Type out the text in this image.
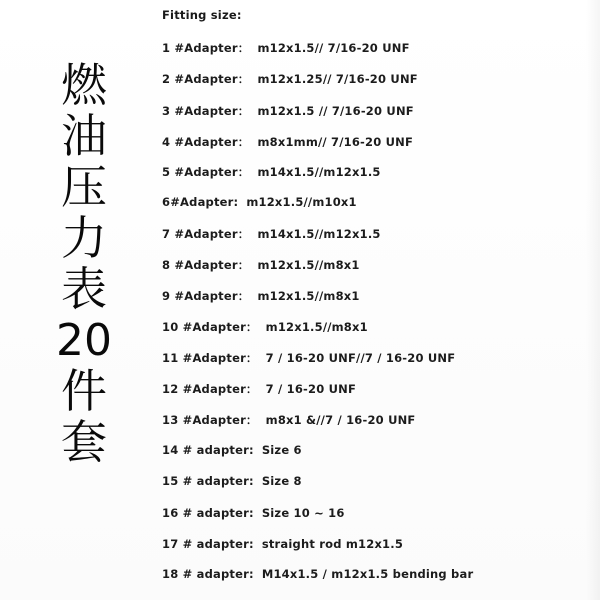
燃
油
压
力
表
20
件
套
Fitting size:
1 #Adapter： m12x1.5// 7/16-20 UNF
2 #Adapter： m12x1.25// 7/16-20 UNF
3 #Adapter： m12x1.5 // 7/16-20 UNF
4 #Adapter： m8x1mm// 7/16-20 UNF
5 #Adapter： m14x1.5//m12x1.5
6#Adapter: m12x1.5//m10x1
7 #Adapter： m14x1.5//m12x1.5
8 #Adapter： m12x1.5//m8x1
9 #Adapter： m12x1.5//m8x1
10 #Adapter： m12x1.5//m8x1
11 #Adapter： 7 / 16-20 UNF//7 / 16-20 UNF
12 #Adapter： 7 / 16-20 UNF
13 #Adapter： m8x1 &//7 / 16-20 UNF
14 # adapter: Size 6
15 # adapter: Size 8
16 # adapter: Size 10 ~ 16
17 # adapter: straight rod m12x1.5
18 # adapter: M14x1.5 / m12x1.5 bending bar
